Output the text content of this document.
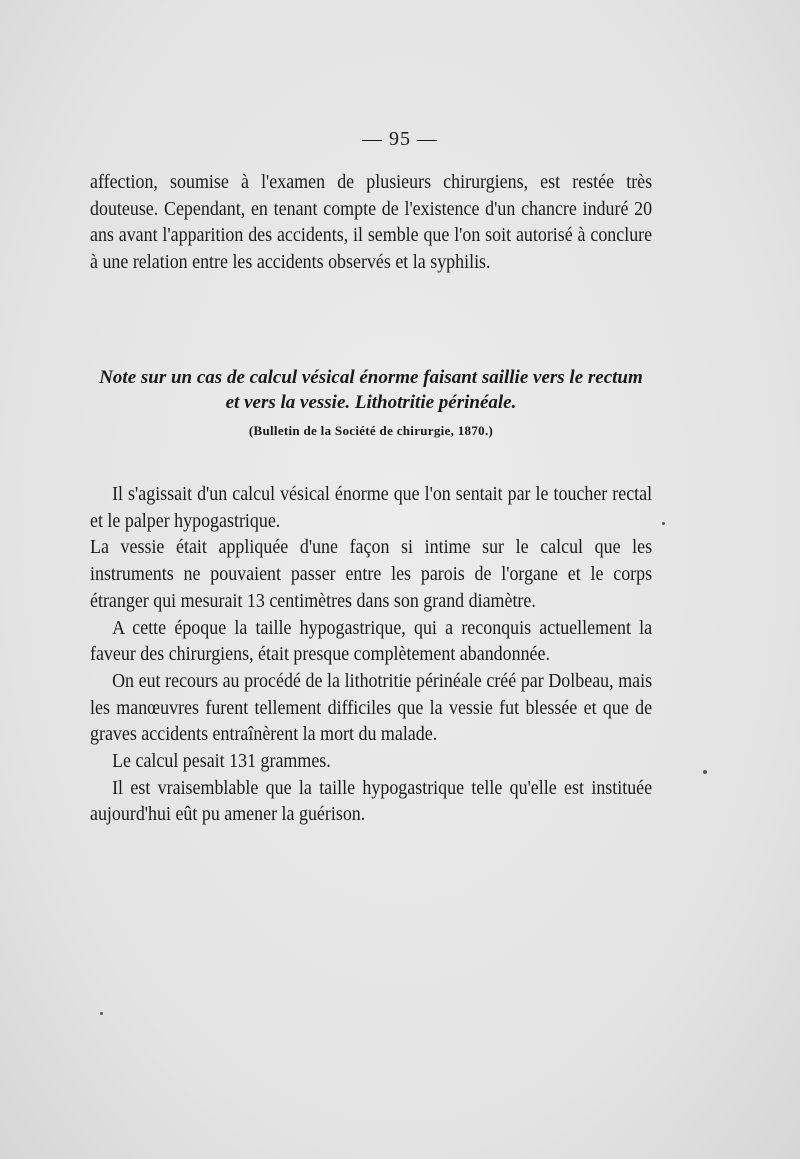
— 95 —

affection, soumise à l'examen de plusieurs chirurgiens, est restée très douteuse. Cependant, en tenant compte de l'existence d'un chancre induré 20 ans avant l'apparition des accidents, il semble que l'on soit autorisé à conclure à une relation entre les accidents observés et la syphilis.

Note sur un cas de calcul vésical énorme faisant saillie vers le rectum
et vers la vessie. Lithotritie périnéale.
(Bulletin de la Société de chirurgie, 1870.)

Il s'agissait d'un calcul vésical énorme que l'on sentait par le toucher rectal et le palper hypogastrique.

La vessie était appliquée d'une façon si intime sur le calcul que les instruments ne pouvaient passer entre les parois de l'organe et le corps étranger qui mesurait 13 centimètres dans son grand diamètre.

A cette époque la taille hypogastrique, qui a reconquis actuellement la faveur des chirurgiens, était presque complètement abandonnée.

On eut recours au procédé de la lithotritie périnéale créé par Dolbeau, mais les manœuvres furent tellement difficiles que la vessie fut blessée et que de graves accidents entraînèrent la mort du malade.

Le calcul pesait 131 grammes.

Il est vraisemblable que la taille hypogastrique telle qu'elle est instituée aujourd'hui eût pu amener la guérison.
